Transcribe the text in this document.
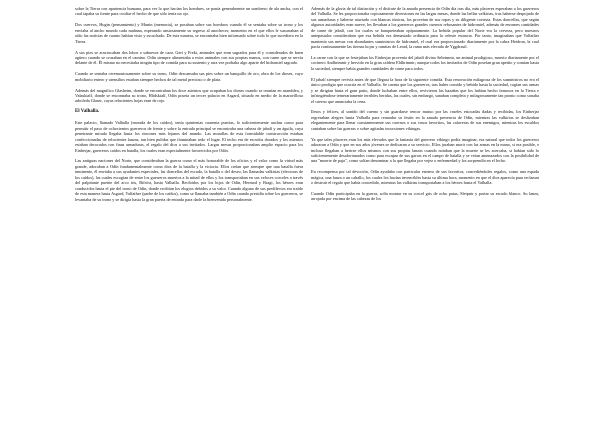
sobre la Tierra con apariencia humana, para ver lo que hacían los hombres, se ponía generalmente un sombrero de ala ancha, con el cual tapaba su frente para ocultar el hecho de que sólo tenía un ojo.

Dos cuervos, Hugin (pensamiento) y Munin (memoria), se posaban sobre sus hombros cuando él se sentaba sobre su trono y los enviaba al ancho mundo cada mañana, esperando ansiosamente su regreso al anochecer, momento en el que ellos le susurraban al oído las noticias de cuanto habían visto y escuchado. De esta manera, se encontraba bien informado sobre todo lo que sucediera en la Tierra.

A sus pies se acurrucaban dos lobos o sabuesos de caza. Geri y Freki, animales que eran sagrados para él y considerados de buen agüero cuando se cruzaban en el camino. Odín siempre alimentaba a estos animales con sus propias manos, con carne que se servía delante de él. Él mismo no necesitaba ningún tipo de comida para su sustento y rara vez probaba algo aparte del hidromiel sagrado.

Cuando se sentaba ceremoniosamente sobre su trono, Odín descansaba sus pies sobre un banquillo de oro, obra de los dioses, cuyo mobiliario entero y utensilios estaban siempre hechos de tal metal precioso o de plata.

Además del magnífico Glasheim, donde se encontraban los doce asientos que ocupaban los dioses cuando se reunían en asamblea, y Valaskialf, donde se encontraba su trono, Hlidskialf, Odín poseía un tercer palacio en Asgard, situado en medio de la maravillosa arboleda Glaser, cuyas relucientes hojas eran de rojo.

El Valhalla.

Este palacio, llamado Valhalla (morada de los caídos), tenía quinientas cuarenta puertas, lo suficientemente anchas como para permitir el paso de ochocientos guerreros de frente y sobre la entrada principal se encontraba una cabeza de jabalí y un águila, cuya penetrante mirada llegaba hasta los rincones más lejanos del mundo. Las murallas de esta formidable construcción estaban confeccionadas de relucientes lanzas, tan bien pulidas que iluminaban todo el lugar. El techo era de escudos dorados y los asientos estaban decorados con finas armaduras, el regalo del dios a sus invitados. Largas mesas proporcionaban amplio espacio para los Einherjar, guerreros caídos en batalla, los cuales eran especialmente favorecidos por Odín.

Las antiguas naciones del Norte, que consideraban la guerra como el más honorable de los oficios y el valor como la virtud más grande, adoraban a Odín fundamentalmente como dios de la batalla y la victoria. Ellos creían que siempre que una batalla fuera inminente, él enviaba a sus ayudantes especiales, las doncellas del escudo, la batalla o del deseo, las llamadas valkirias (electoras de los caídos), las cuales escogían de entre los guerreros muertos a la mitad de ellos y los transportaban en sus veloces corceles a través del palpitante puente del arco iris, Bifröst, hasta Valhalla. Recibidos por los hijos de Odín, Hermod y Bragi, los héroes eran conducidos hasta el pie del trono de Odín, donde recibían los elogios debidos a su valor. Cuando alguno de sus predilectos era traído de esta manera hasta Asgard, Valfather (padre de los caídos), como se llamaba también a Odín cuando presidía sobre los guerreros, se levantaba de su trono y se dirigía hasta la gran puerta de entrada para darle la bienvenida personalmente.

Además de la gloria de tal distinción y el disfrute de la amada presencia de Odín día tras día, más placeres esperaban a los guerreros del Valhalla. Se les proporcionaba copiosamente diversiones en las largas mesas, donde las bellas valkirias, tras haberse despojado de sus armaduras y haberse ataviado con blancas túnicas, los proveían de sus ropas y su diligente cortesía. Estas doncellas, que según algunos autoridades eran nueve, les llevaban a los guerreros grandes cuernos rebosantes de hidromiel, además de enormes cantidades de carne de jabalí, con los cuales se banqueteaban opíparamente. La bebida popular del Norte era la cerveza, pero nuestros antepasados consideraban que esa bebida era demasiado ordinaria para la celeste estancia. Por tanto, imaginaban que Valfather mantenía sus mesas con abundantes suministros de hidromiel, el cual era proporcionado diariamente por la cabra Heidrun, la cual pacía continuamente las tiernas hojas y ramitas de Lerad, la rama más elevada de Yggdrasil.

La carne con la que se festejaban los Einherjar provenía del jabalí divino Sehrimnir, un animal prodigioso, muerto diariamente por el cocinero Andhrimnir y hervido en la gran caldera Eldhrimnir; aunque todos los invitados de Odín poseían gran apetito y comían hasta la saciedad, siempre había grandes cantidades de carne para todos.

El jabalí siempre revivía antes de que llegara la hora de la siguiente comida. Esta renovación milagrosa de los suministros no era el único prodigio que ocurría en el Valhalla. Se cuenta que los guerreros, tras haber comido y bebido hasta la saciedad, cogían sus armas y se dirigían hasta el gran patio, donde luchaban entre ellos, revivieron las hazañas que los habían hecho famosos en la Tierra e infringiéndose temerariamente terribles heridas, las cuales, sin embargo, sanaban completa y milagrosamente tan pronto como sonaba el cuerno que anunciaba la cena.

Ilesos y felices, al sonido del cuerno y sin guardarse rencor mutuo por las crueles estocadas dadas y recibidas, los Einherjar regresaban alegres hasta Valhalla para reanudar su festín en la amada presencia de Odín, mientras las valkirias se deslizaban elegantemente para llenar constantemente sus cuernos o sus vasos favoritos, las calaveras de sus enemigos, mientras los escaldos cantaban sobre las guerras o sobre agitadas incursiones vikingas.

Ya que tales placeres eran los más elevados que la fantasía del guerrero vikingo podía imaginar, era natural que todos los guerreros adoraran a Odín y que en sus años jóvenes se dedicaran a su servicio. Ellos juraban morir con las armas en la mano, si era posible, e incluso llegaban a herirse ellos mismos con sus propias lanzas cuando notaban que la muerte se les acercaba, si habían sido lo suficientemente desafortunados como para escapar de sus garras en el campo de batalla y se veían amenazados con la posibilidad de una "muerte de paja", como solían denominar a la que llegaba por vejez o enfermedad y los sorprendía en el lecho.

En recompensa por tal devoción, Odín ayudaba con particular esmero de sus favoritos, concediéndoles regalos, como una espada mágica, una lanza o un caballo, los cuales los hacían invencibles hasta su última hora, momento en que el dios aparecía para reclamar o destruir el regalo que había concedido, mientras las valkirias transportaban a los héroes hasta el Valhalla.

Cuando Odín participaba en la guerra, solía montar en su corcel gris de ocho patas, Sleipnir y portar su escudo blanco. Su lanza, arrojada por encima de las cabezas de los
